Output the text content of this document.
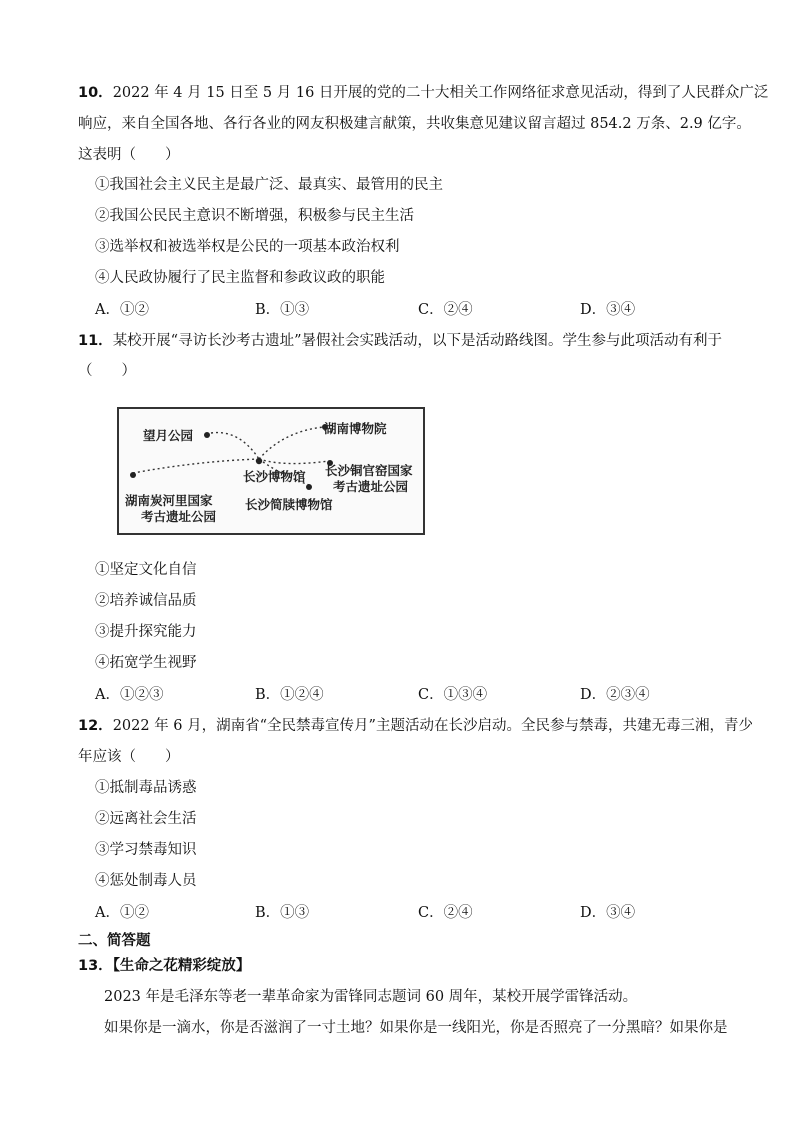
10．2022 年 4 月 15 日至 5 月 16 日开展的党的二十大相关工作网络征求意见活动，得到了人民群众广泛
响应，来自全国各地、各行各业的网友积极建言献策，共收集意见建议留言超过 854.2 万条、2.9 亿字。
这表明（　　）
①我国社会主义民主是最广泛、最真实、最管用的民主
②我国公民民主意识不断增强，积极参与民主生活
③选举权和被选举权是公民的一项基本政治权利
④人民政协履行了民主监督和参政议政的职能
A．①②	B．①③	C．②④	D．③④
11．某校开展“寻访长沙考古遗址”暑假社会实践活动，以下是活动路线图。学生参与此项活动有利于
（　　）
望月公园	湖南博物院
长沙博物馆 长沙铜官窑国家
考古遗址公园
湖南炭河里国家
考古遗址公园
长沙简牍博物馆
①坚定文化自信
②培养诚信品质
③提升探究能力
④拓宽学生视野
A．①②③	B．①②④	C．①③④	D．②③④
12．2022 年 6 月，湖南省“全民禁毒宣传月”主题活动在长沙启动。全民参与禁毒，共建无毒三湘，青少
年应该（　　）
①抵制毒品诱惑
②远离社会生活
③学习禁毒知识
④惩处制毒人员
A．①②	B．①③	C．②④	D．③④
二、简答题
13．【生命之花精彩绽放】
2023 年是毛泽东等老一辈革命家为雷锋同志题词 60 周年，某校开展学雷锋活动。
如果你是一滴水，你是否滋润了一寸土地？如果你是一线阳光，你是否照亮了一分黑暗？如果你是
